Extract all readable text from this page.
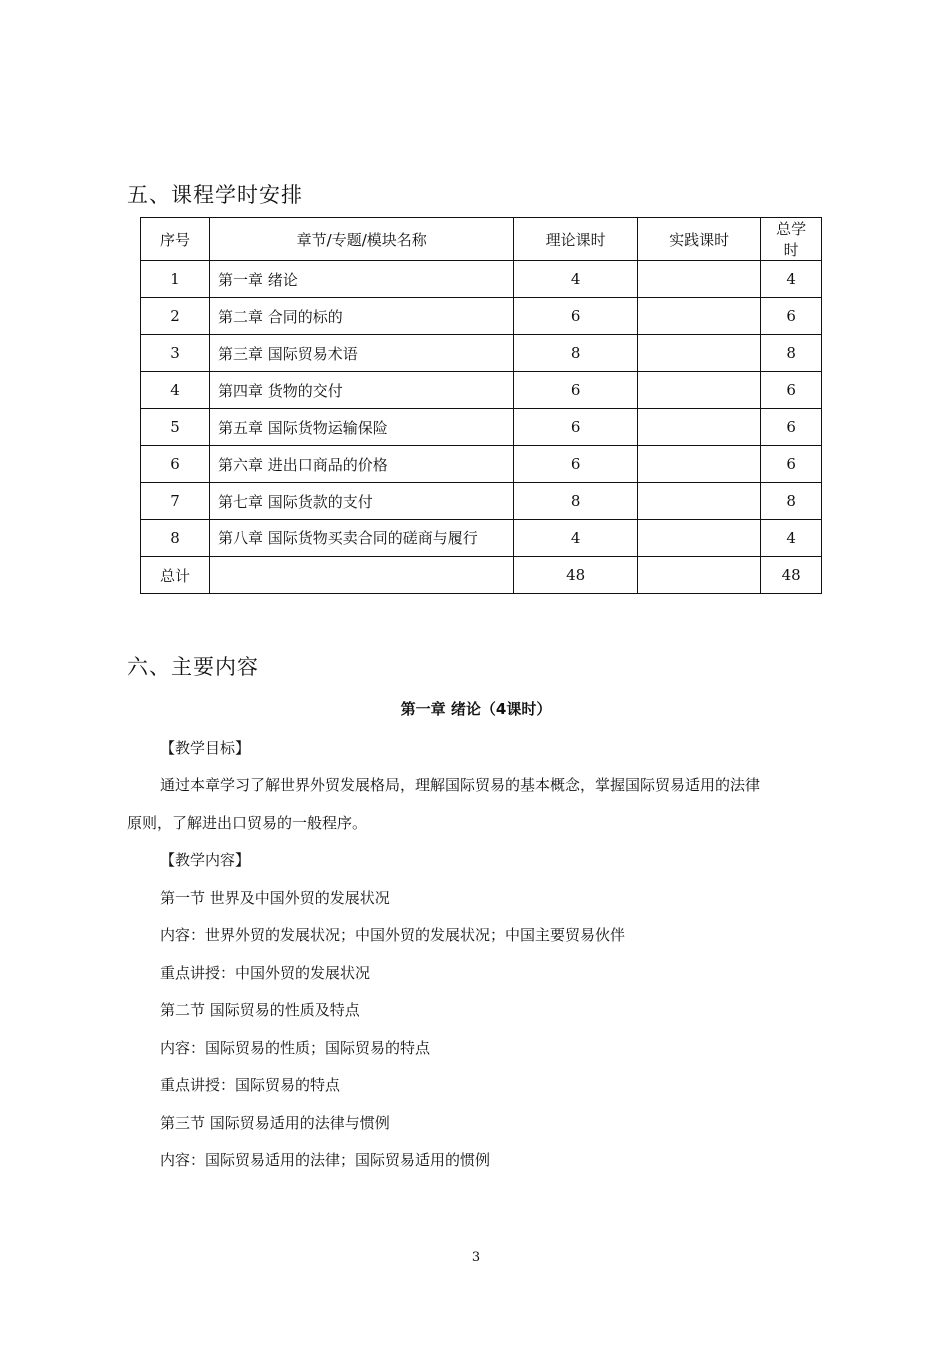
五、课程学时安排
序号	章节/专题/模块名称	理论课时	实践课时	总学时
1	第一章 绪论	4		4
2	第二章 合同的标的	6		6
3	第三章 国际贸易术语	8		8
4	第四章 货物的交付	6		6
5	第五章 国际货物运输保险	6		6
6	第六章 进出口商品的价格	6		6
7	第七章 国际货款的支付	8		8
8	第八章 国际货物买卖合同的磋商与履行	4		4
总计		48		48
六、主要内容
第一章 绪论（4课时）

【教学目标】

通过本章学习了解世界外贸发展格局，理解国际贸易的基本概念，掌握国际贸易适用的法律

原则，了解进出口贸易的一般程序。

【教学内容】

第一节 世界及中国外贸的发展状况

内容：世界外贸的发展状况；中国外贸的发展状况；中国主要贸易伙伴

重点讲授：中国外贸的发展状况

第二节 国际贸易的性质及特点

内容：国际贸易的性质；国际贸易的特点

重点讲授：国际贸易的特点

第三节 国际贸易适用的法律与惯例

内容：国际贸易适用的法律；国际贸易适用的惯例

3
